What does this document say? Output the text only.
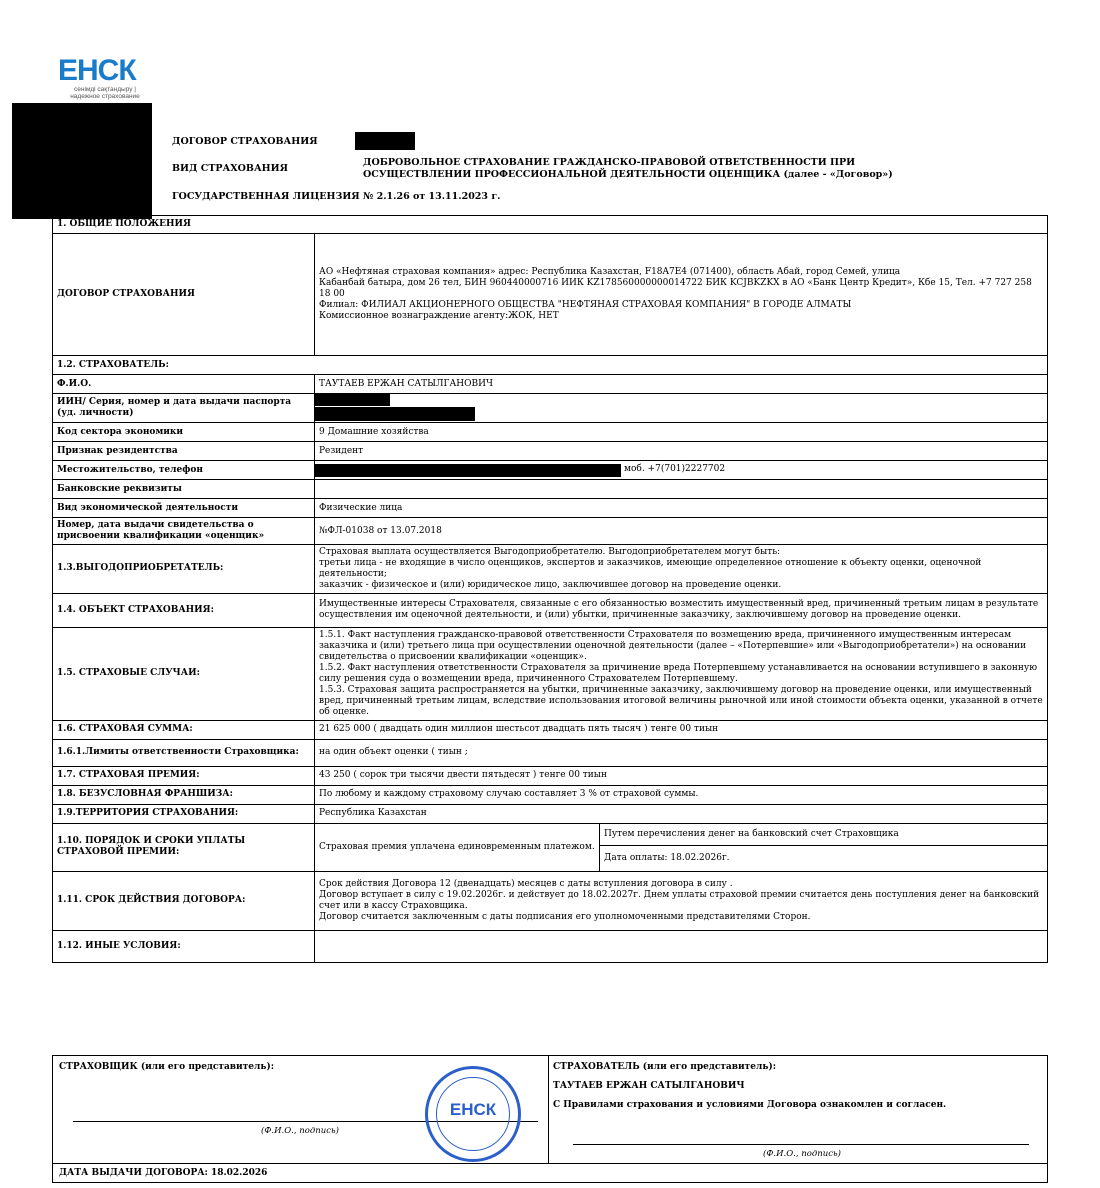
ЕНСК
сенімді сақтандыру | надежное страхование
ДОГОВОР СТРАХОВАНИЯ
ВИД СТРАХОВАНИЯ
ДОБРОВОЛЬНОЕ СТРАХОВАНИЕ ГРАЖДАНСКО-ПРАВОВОЙ ОТВЕТСТВЕННОСТИ ПРИ
ОСУЩЕСТВЛЕНИИ ПРОФЕССИОНАЛЬНОЙ ДЕЯТЕЛЬНОСТИ ОЦЕНЩИКА (далее - «Договор»)
ГОСУДАРСТВЕННАЯ ЛИЦЕНЗИЯ № 2.1.26 от 13.11.2023 г.
1. ОБЩИЕ ПОЛОЖЕНИЯ		
ДОГОВОР СТРАХОВАНИЯ	АО «Нефтяная страховая компания» адрес: Республика Казахстан, F18A7E4 (071400), область Абай, город Семей, улица
Кабанбай батыра, дом 26 тел, БИН 960440000716 ИИК KZ178560000000014722 БИК KCJBKZKX в АО «Банк Центр Кредит», Кбе 15, Тел. +7 727 258 18 00
Филиал: ФИЛИАЛ АКЦИОНЕРНОГО ОБЩЕСТВА "НЕФТЯНАЯ СТРАХОВАЯ КОМПАНИЯ" В ГОРОДЕ АЛМАТЫ
Комиссионное вознаграждение агенту:ЖОК, НЕТ	

1.2. СТРАХОВАТЕЛЬ:		
Ф.И.О.	ТАУТАЕВ ЕРЖАН САТЫЛГАНОВИЧ	
ИИН/ Серия, номер и дата выдачи паспорта (уд. личности)		

Код сектора экономики	9 Домашние хозяйства	
Признак резидентства	Резидент	
Местожительство, телефон	моб. +7(701)2227702	

Банковские реквизиты		
Вид экономической деятельности	Физические лица	
Номер, дата выдачи свидетельства о присвоении квалификации «оценщик»	№ФЛ-01038 от 13.07.2018	
1.3.ВЫГОДОПРИОБРЕТАТЕЛЬ:	Страховая выплата осуществляется Выгодоприобретателю. Выгодоприобретателем могут быть:
третьи лица - не входящие в число оценщиков, экспертов и заказчиков, имеющие определенное отношение к объекту оценки, оценочной деятельности;
заказчик - физическое и (или) юридическое лицо, заключившее договор на проведение оценки.	

1.4. ОБЪЕКТ СТРАХОВАНИЯ:	Имущественные интересы Страхователя, связанные с его обязанностью возместить имущественный вред, причиненный третьим лицам в результате осуществления им оценочной деятельности, и (или) убытки, причиненные заказчику, заключившему договор на проведение оценки.	
1.5. СТРАХОВЫЕ СЛУЧАИ:	1.5.1. Факт наступления гражданско-правовой ответственности Страхователя по возмещению вреда, причиненного имущественным интересам заказчика и (или) третьего лица при осуществлении оценочной деятельности (далее – «Потерпевшие» или «Выгодоприобретатели») на основании свидетельства о присвоении квалификации «оценщик».
1.5.2. Факт наступления ответственности Страхователя за причинение вреда Потерпевшему устанавливается на основании вступившего в законную силу решения суда о возмещении вреда, причиненного Страхователем Потерпевшему.
1.5.3. Страховая защита распространяется на убытки, причиненные заказчику, заключившему договор на проведение оценки, или имущественный вред, причиненный третьим лицам, вследствие использования итоговой величины рыночной или иной стоимости объекта оценки, указанной в отчете об оценке.	

1.6. СТРАХОВАЯ СУММА:	21 625 000 ( двадцать один миллион шестьсот двадцать пять тысяч ) тенге 00 тиын	
1.6.1.Лимиты ответственности Страховщика:	на один объект оценки ( тиын ;	
1.7. СТРАХОВАЯ ПРЕМИЯ:	43 250 ( сорок три тысячи двести пятьдесят ) тенге 00 тиын	
1.8. БЕЗУСЛОВНАЯ ФРАНШИЗА:	По любому и каждому страховому случаю составляет 3 % от страховой суммы.	
1.9.ТЕРРИТОРИЯ СТРАХОВАНИЯ:	Республика Казахстан	
1.10. ПОРЯДОК И СРОКИ УПЛАТЫ СТРАХОВОЙ ПРЕМИИ:	Страховая премия уплачена единовременным платежом.	Путем перечисления денег на банковский счет Страховщика
		Дата оплаты: 18.02.2026г.
1.11. СРОК ДЕЙСТВИЯ ДОГОВОРА:	Срок действия Договора 12 (двенадцать) месяцев с даты вступления договора в силу .
Договор вступает в силу с 19.02.2026г. и действует до 18.02.2027г. Днем уплаты страховой премии считается день поступления денег на банковский счет или в кассу Страховщика.
Договор считается заключенным с даты подписания его уполномоченными представителями Сторон.	

1.12. ИНЫЕ УСЛОВИЯ:		
СТРАХОВЩИК (или его представитель):
(Ф.И.О., подпись)
ЕНСК
СТРАХОВАТЕЛЬ (или его представитель):
ТАУТАЕВ ЕРЖАН САТЫЛГАНОВИЧ
С Правилами страхования и условиями Договора ознакомлен и согласен.
(Ф.И.О., подпись)
ДАТА ВЫДАЧИ ДОГОВОРА: 18.02.2026
